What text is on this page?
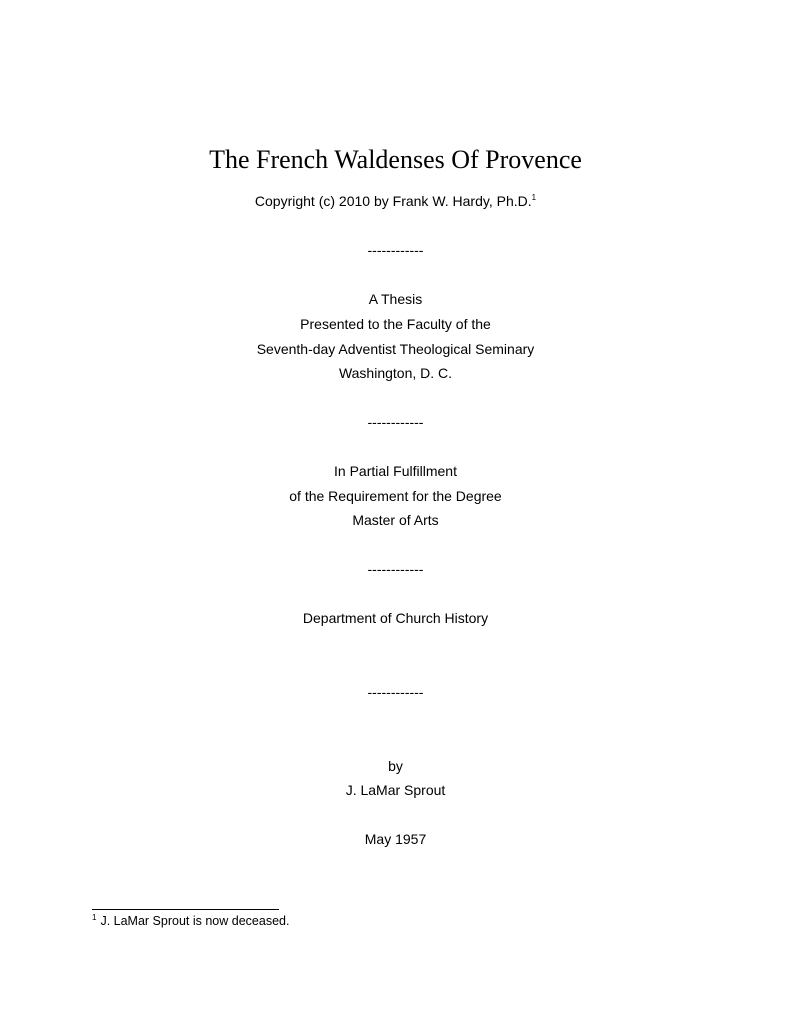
The French Waldenses Of Provence
Copyright (c) 2010 by Frank W. Hardy, Ph.D.$^1$
------------
A Thesis
Presented to the Faculty of the
Seventh-day Adventist Theological Seminary
Washington, D. C.
------------
In Partial Fulfillment
of the Requirement for the Degree
Master of Arts
------------
Department of Church History
------------
by
J. LaMar Sprout
May 1957
$^1$ J. LaMar Sprout is now deceased.
